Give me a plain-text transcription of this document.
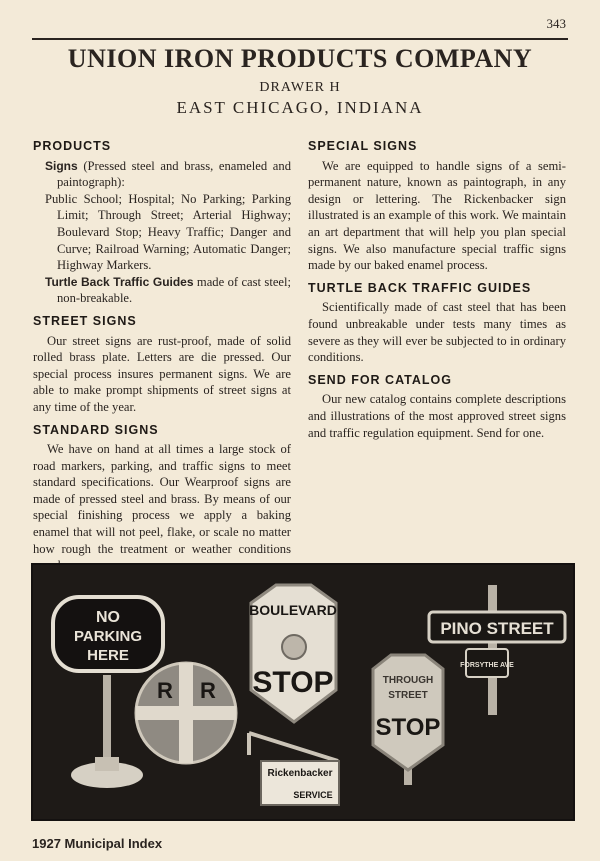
343
UNION IRON PRODUCTS COMPANY
DRAWER H
EAST CHICAGO, INDIANA
PRODUCTS

Signs (Pressed steel and brass, enameled and paintograph):

Public School; Hospital; No Parking; Parking Limit; Through Street; Arterial Highway; Boulevard Stop; Heavy Traffic; Danger and Curve; Railroad Warning; Automatic Danger; Highway Markers.

Turtle Back Traffic Guides made of cast steel; non-breakable.

STREET SIGNS

Our street signs are rust-proof, made of solid rolled brass plate. Letters are die pressed. Our special process insures permanent signs. We are able to make prompt shipments of street signs at any time of the year.

STANDARD SIGNS

We have on hand at all times a large stock of road markers, parking, and traffic signs to meet standard specifications. Our Wearproof signs are made of pressed steel and brass. By means of our special finishing process we apply a baking enamel that will not peel, flake, or scale no matter how rough the treatment or weather conditions

SPECIAL SIGNS

We are equipped to handle signs of a semi-permanent nature, known as paintograph, in any design or lettering. The Rickenbacker sign illustrated is an example of this work. We maintain an art department that will help you plan special signs. We also manufacture special traffic signs made by our baked enamel process.

TURTLE BACK TRAFFIC GUIDES

Scientifically made of cast steel that has been found unbreakable under tests many times as severe as they will ever be subjected to in ordinary conditions.

SEND FOR CATALOG

Our new catalog contains complete descriptions and illustrations of the most approved street signs and traffic regulation equipment. Send for one.

NO
PARKING
HERE
R R
BOULEVARD
STOP
Rickenbacker
SERVICE
THROUGH
STREET
STOP
PINO STREET
FORSYTHE AVE
1927 Municipal Index
